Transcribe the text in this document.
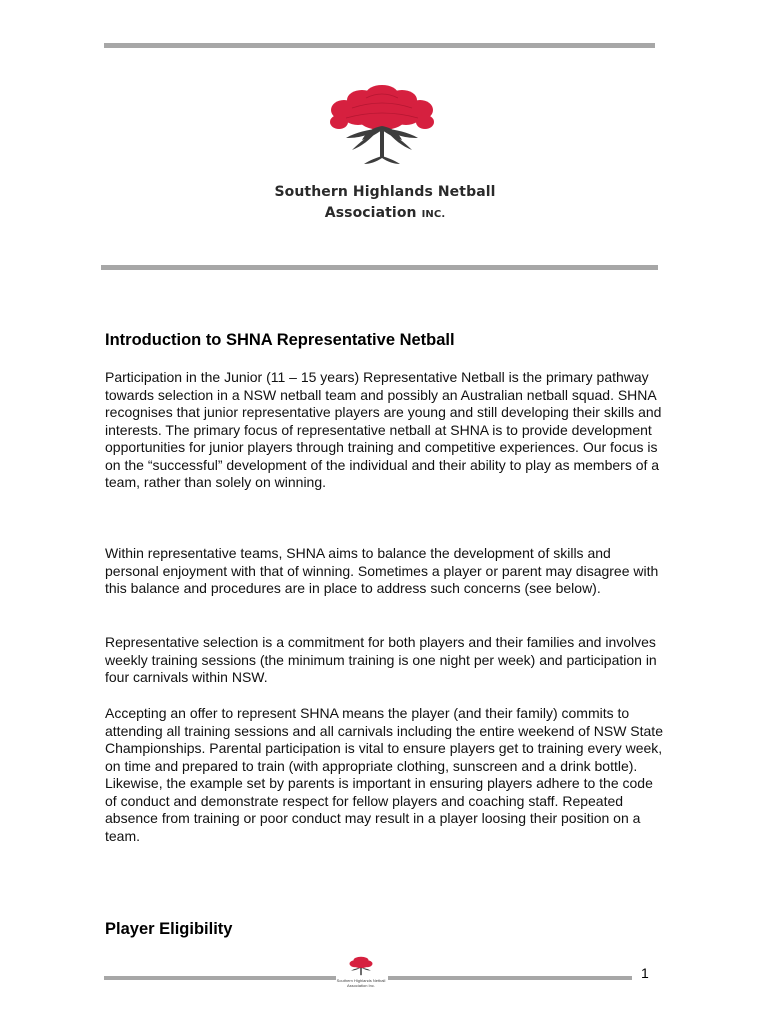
Southern Highlands Netball
Association INC.
Introduction to SHNA Representative Netball

Participation in the Junior (11 – 15 years) Representative Netball is the primary pathway towards selection in a NSW netball team and possibly an Australian netball squad. SHNA recognises that junior representative players are young and still developing their skills and interests. The primary focus of representative netball at SHNA is to provide development opportunities for junior players through training and competitive experiences. Our focus is on the “successful” development of the individual and their ability to play as members of a team, rather than solely on winning.

Within representative teams, SHNA aims to balance the development of skills and personal enjoyment with that of winning. Sometimes a player or parent may disagree with this balance and procedures are in place to address such concerns (see below).

Representative selection is a commitment for both players and their families and involves weekly training sessions (the minimum training is one night per week) and participation in four carnivals within NSW.

Accepting an offer to represent SHNA means the player (and their family) commits to attending all training sessions and all carnivals including the entire weekend of NSW State Championships. Parental participation is vital to ensure players get to training every week, on time and prepared to train (with appropriate clothing, sunscreen and a drink bottle). Likewise, the example set by parents is important in ensuring players adhere to the code of conduct and demonstrate respect for fellow players and coaching staff. Repeated absence from training or poor conduct may result in a player loosing their position on a team.

Player Eligibility
Southern Highlands Netball
Association Inc.
1
